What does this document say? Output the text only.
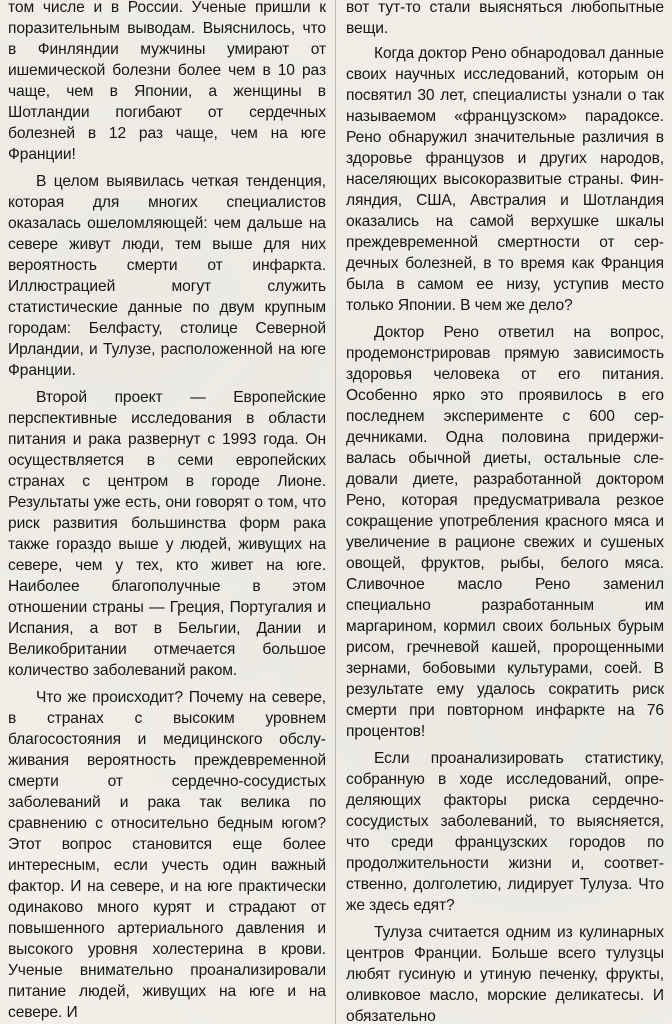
том числе и в России. Ученые пришли к поразительным выводам. Выяснилось, что в Финляндии мужчины умирают от ишемической болезни более чем в 10 раз чаще, чем в Японии, а женщины в Шотландии погибают от сердечных болезней в 12 раз чаще, чем на юге Франции!

В целом выявилась четкая тенденция, которая для многих специалистов оказалась ошеломляющей: чем дальше на севере живут люди, тем выше для них вероятность смерти от инфаркта. Иллюстрацией могут служить статистические данные по двум крупным городам: Белфасту, столице Северной Ирландии, и Тулузе, расположенной на юге Франции.

Второй проект — Европейские перспективные исследования в области питания и рака развернут с 1993 года. Он осуществляется в семи европейских странах с центром в городе Лионе. Результаты уже есть, они говорят о том, что риск развития большинства форм рака также гораздо выше у людей, живущих на севере, чем у тех, кто живет на юге. Наиболее благополучные в этом отношении страны — Греция, Португалия и Испания, а вот в Бельгии, Дании и Великобритании отмечается большое количество заболеваний раком.

Что же происходит? Почему на севере, в странах с высоким уровнем благосостояния и медицинского обслуживания вероятность преждевременной смерти от сердечно-сосудистых заболеваний и рака так велика по сравнению с относительно бедным югом? Этот вопрос становится еще более интересным, если учесть один важный фактор. И на севере, и на юге практически одинаково много курят и страдают от повышенного артериального давления и высокого уровня холестерина в крови. Ученые внимательно проанализировали питание людей, живущих на юге и на севере. И

вот тут-то стали выясняться любопытные вещи.

Когда доктор Рено обнародовал данные своих научных исследований, которым он посвятил 30 лет, специалисты узнали о так называемом «французском» парадоксе. Рено обнаружил значительные различия в здоровье французов и других народов, населяющих высокоразвитые страны. Финляндия, США, Австралия и Шотландия оказались на самой верхушке шкалы преждевременной смертности от сердечных болезней, в то время как Франция была в самом ее низу, уступив место только Японии. В чем же дело?

Доктор Рено ответил на вопрос, продемонстрировав прямую зависимость здоровья человека от его питания. Особенно ярко это проявилось в его последнем эксперименте с 600 сердечниками. Одна половина придерживалась обычной диеты, остальные следовали диете, разработанной доктором Рено, которая предусматривала резкое сокращение употребления красного мяса и увеличение в рационе свежих и сушеных овощей, фруктов, рыбы, белого мяса. Сливочное масло Рено заменил специально разработанным им маргарином, кормил своих больных бурым рисом, гречневой кашей, пророщенными зернами, бобовыми культурами, соей. В результате ему удалось сократить риск смерти при повторном инфаркте на 76 процентов!

Если проанализировать статистику, собранную в ходе исследований, определяющих факторы риска сердечнососудистых заболеваний, то выясняется, что среди французских городов по продолжительности жизни и, соответственно, долголетию, лидирует Тулуза. Что же здесь едят?

Тулуза считается одним из кулинарных центров Франции. Больше всего тулузцы любят гусиную и утиную печенку, фрукты, оливковое масло, морские деликатесы. И обязательно
